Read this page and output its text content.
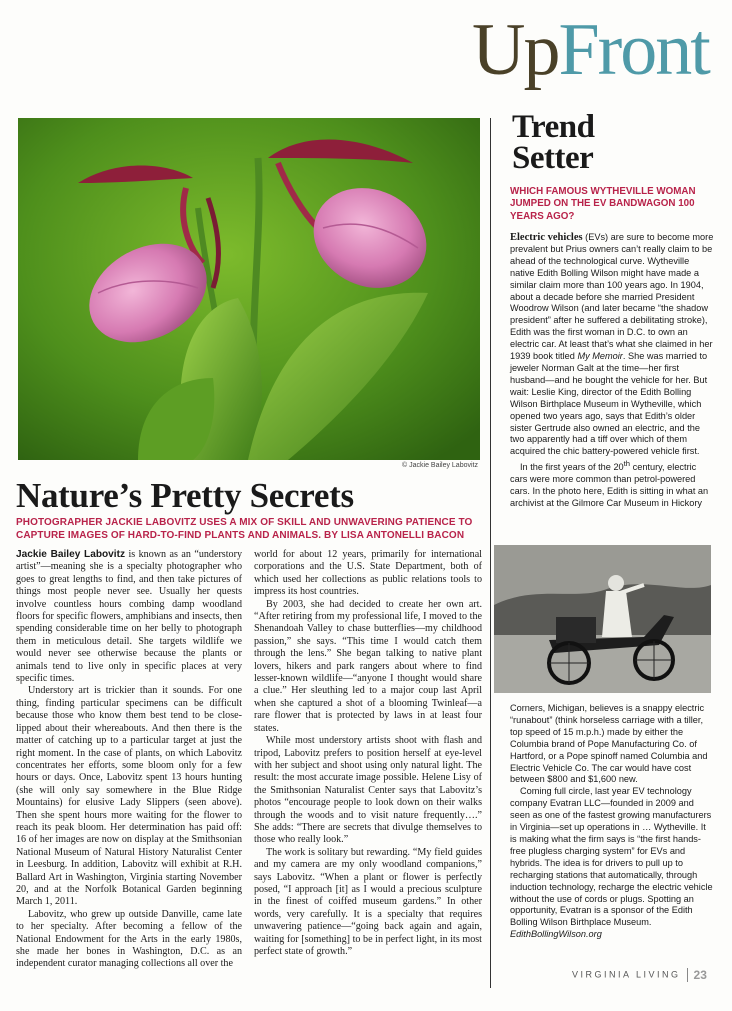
UpFront
© Jackie Bailey Labovitz
Nature’s Pretty Secrets
PHOTOGRAPHER JACKIE LABOVITZ USES A MIX OF SKILL AND UNWAVERING PATIENCE TO CAPTURE IMAGES OF HARD-TO-FIND PLANTS AND ANIMALS. BY LISA ANTONELLI BACON

Jackie Bailey Labovitz is known as an “understory artist”—meaning she is a specialty photographer who goes to great lengths to find, and then take pictures of things most people never see. Usually her quests involve countless hours combing damp woodland floors for specific flowers, amphibians and insects, then spending considerable time on her belly to photograph them in meticulous detail. She targets wildlife we would never see otherwise because the plants or animals tend to live only in specific places at very specific times.

Understory art is trickier than it sounds. For one thing, finding particular specimens can be difficult because those who know them best tend to be close-lipped about their whereabouts. And then there is the matter of catching up to a particular target at just the right moment. In the case of plants, on which Labovitz concentrates her efforts, some bloom only for a few hours or days. Once, Labovitz spent 13 hours hunting (she will only say somewhere in the Blue Ridge Mountains) for elusive Lady Slippers (seen above). Then she spent hours more waiting for the flower to reach its peak bloom. Her determination has paid off: 16 of her images are now on display at the Smithsonian National Museum of Natural History Naturalist Center in Leesburg. In addition, Labovitz will exhibit at R.H. Ballard Art in Washington, Virginia starting November 20, and at the Norfolk Botanical Garden beginning March 1, 2011.

Labovitz, who grew up outside Danville, came late to her specialty. After becoming a fellow of the National Endowment for the Arts in the early 1980s, she made her bones in Washington, D.C. as an independent curator managing collections all over the

world for about 12 years, primarily for international corporations and the U.S. State Department, both of which used her collections as public relations tools to impress its host countries.

By 2003, she had decided to create her own art. “After retiring from my professional life, I moved to the Shenandoah Valley to chase butterflies—my childhood passion,” she says. “This time I would catch them through the lens.” She began talking to native plant lovers, hikers and park rangers about where to find lesser-known wildlife—“anyone I thought would share a clue.” Her sleuthing led to a major coup last April when she captured a shot of a blooming Twinleaf—a rare flower that is protected by laws in at least four states.

While most understory artists shoot with flash and tripod, Labovitz prefers to position herself at eye-level with her subject and shoot using only natural light. The result: the most accurate image possible. Helene Lisy of the Smithsonian Naturalist Center says that Labovitz’s photos “encourage people to look down on their walks through the woods and to visit nature frequently….” She adds: “There are secrets that divulge themselves to those who really look.”

The work is solitary but rewarding. “My field guides and my camera are my only woodland companions,” says Labovitz. “When a plant or flower is perfectly posed, “I approach [it] as I would a precious sculpture in the finest of coiffed museum gardens.” In other words, very carefully. It is a specialty that requires unwavering patience—“going back again and again, waiting for [something] to be in perfect light, in its most perfect state of growth.”

Trend
Setter
WHICH FAMOUS WYTHEVILLE WOMAN JUMPED ON THE EV BANDWAGON 100 YEARS AGO?

Electric vehicles (EVs) are sure to become more prevalent but Prius owners can’t really claim to be ahead of the technological curve. Wytheville native Edith Bolling Wilson might have made a similar claim more than 100 years ago. In 1904, about a decade before she married President Woodrow Wilson (and later became “the shadow president” after he suffered a debilitating stroke), Edith was the first woman in D.C. to own an electric car. At least that’s what she claimed in her 1939 book titled My Memoir. She was married to jeweler Norman Galt at the time—her first husband—and he bought the vehicle for her. But wait: Leslie King, director of the Edith Bolling Wilson Birthplace Museum in Wytheville, which opened two years ago, says that Edith’s older sister Gertrude also owned an electric, and the two apparently had a tiff over which of them acquired the chic battery-powered vehicle first.

In the first years of the 20th century, electric cars were more common than petrol-powered cars. In the photo here, Edith is sitting in what an archivist at the Gilmore Car Museum in Hickory

Corners, Michigan, believes is a snappy electric “runabout” (think horseless carriage with a tiller, top speed of 15 m.p.h.) made by either the Columbia brand of Pope Manufacturing Co. of Hartford, or a Pope spinoff named Columbia and Electric Vehicle Co. The car would have cost between $800 and $1,600 new.

Coming full circle, last year EV technology company Evatran LLC—founded in 2009 and seen as one of the fastest growing manufacturers in Virginia—set up operations in … Wytheville. It is making what the firm says is “the first hands-free plugless charging system” for EVs and hybrids. The idea is for drivers to pull up to recharging stations that automatically, through induction technology, recharge the electric vehicle without the use of cords or plugs. Spotting an opportunity, Evatran is a sponsor of the Edith Bolling Wilson Birthplace Museum.

EdithBollingWilson.org

VIRGINIA LIVING 23
